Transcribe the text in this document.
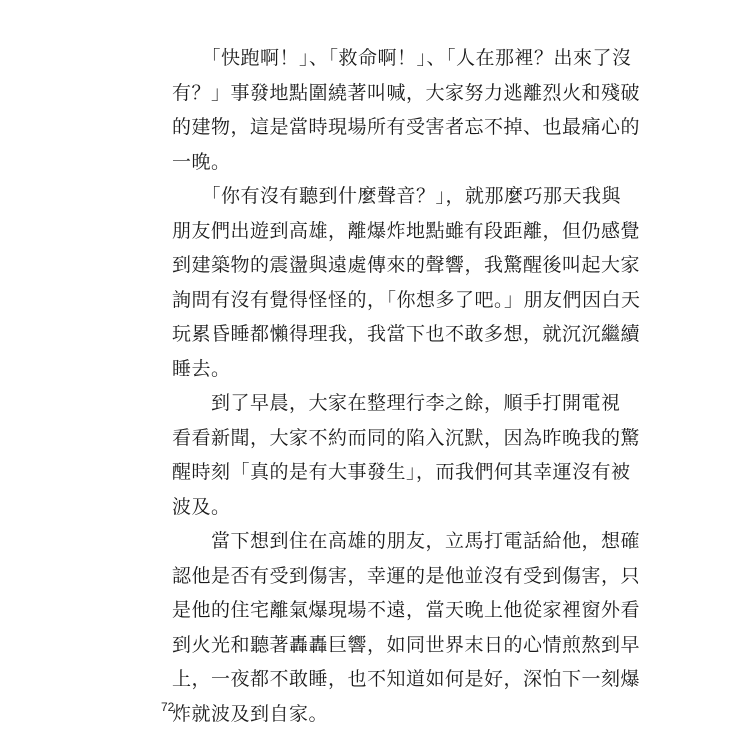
　　「快跑啊！」、「救命啊！」、「人在那裡？出來了沒
有？」事發地點圍繞著叫喊，大家努力逃離烈火和殘破
的建物，這是當時現場所有受害者忘不掉、也最痛心的
一晚。
　　「你有沒有聽到什麼聲音？」，就那麼巧那天我與
朋友們出遊到高雄，離爆炸地點雖有段距離，但仍感覺
到建築物的震盪與遠處傳來的聲響，我驚醒後叫起大家
詢問有沒有覺得怪怪的，「你想多了吧。」朋友們因白天
玩累昏睡都懶得理我，我當下也不敢多想，就沉沉繼續
睡去。
　　到了早晨，大家在整理行李之餘，順手打開電視
看看新聞，大家不約而同的陷入沉默，因為昨晚我的驚
醒時刻「真的是有大事發生」，而我們何其幸運沒有被
波及。
　　當下想到住在高雄的朋友，立馬打電話給他，想確
認他是否有受到傷害，幸運的是他並沒有受到傷害，只
是他的住宅離氣爆現場不遠，當天晚上他從家裡窗外看
到火光和聽著轟轟巨響，如同世界末日的心情煎熬到早
上，一夜都不敢睡，也不知道如何是好，深怕下一刻爆
炸就波及到自家。
72
